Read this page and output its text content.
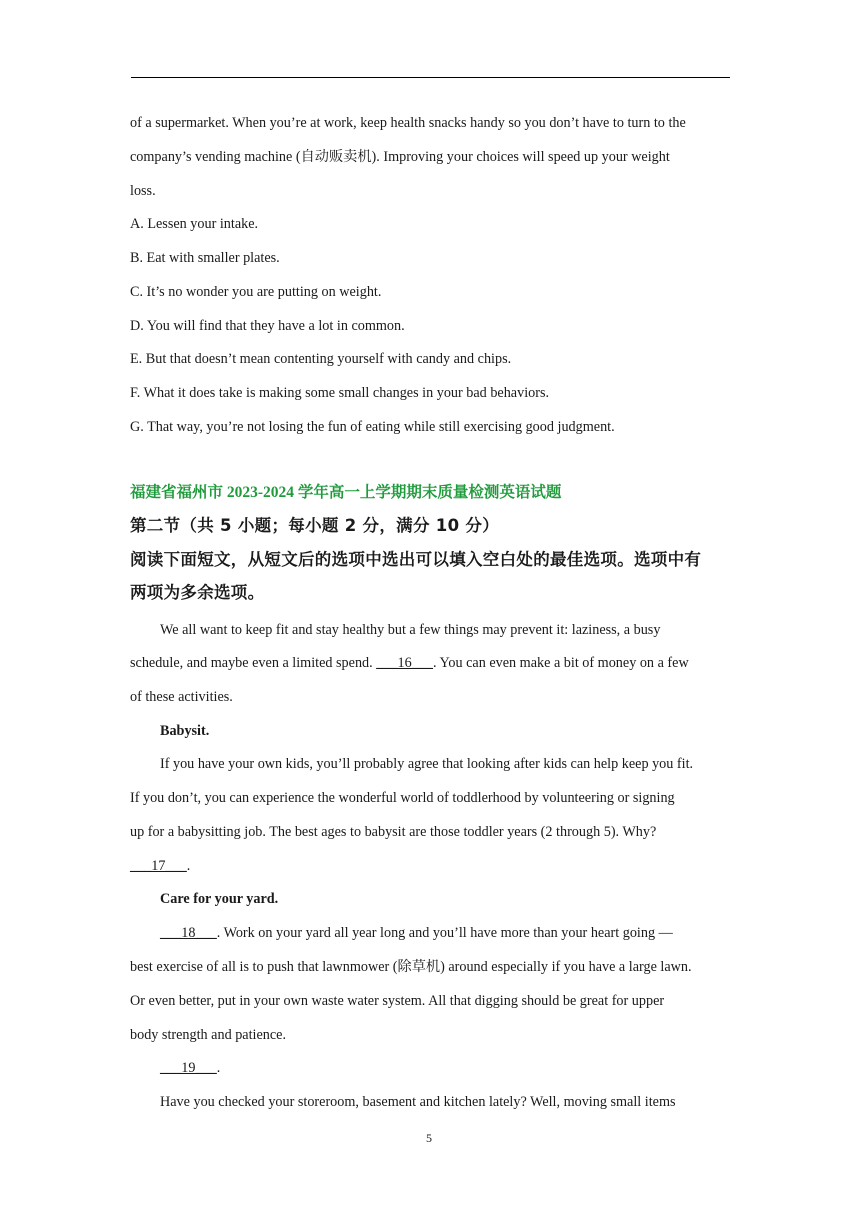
of a supermarket. When you’re at work, keep health snacks handy so you don’t have to turn to the
company’s vending machine (自动贩卖机). Improving your choices will speed up your weight
loss.
A. Lessen your intake.
B. Eat with smaller plates.
C. It’s no wonder you are putting on weight.
D. You will find that they have a lot in common.
E. But that doesn’t mean contenting yourself with candy and chips.
F. What it does take is making some small changes in your bad behaviors.
G. That way, you’re not losing the fun of eating while still exercising good judgment.
福建省福州市 2023-2024 学年高一上学期期末质量检测英语试题
第二节（共 5 小题；每小题 2 分，满分 10 分）
阅读下面短文，从短文后的选项中选出可以填入空白处的最佳选项。选项中有
两项为多余选项。
We all want to keep fit and stay healthy but a few things may prevent it: laziness, a busy
schedule, and maybe even a limited spend. ___16___. You can even make a bit of money on a few
of these activities.
Babysit.
If you have your own kids, you’ll probably agree that looking after kids can help keep you fit.
If you don’t, you can experience the wonderful world of toddlerhood by volunteering or signing
up for a babysitting job. The best ages to babysit are those toddler years (2 through 5). Why?
___17___.
Care for your yard.
___18___. Work on your yard all year long and you’ll have more than your heart going —
best exercise of all is to push that lawnmower (除草机) around especially if you have a large lawn.
Or even better, put in your own waste water system. All that digging should be great for upper
body strength and patience.
___19___.
Have you checked your storeroom, basement and kitchen lately? Well, moving small items
5
